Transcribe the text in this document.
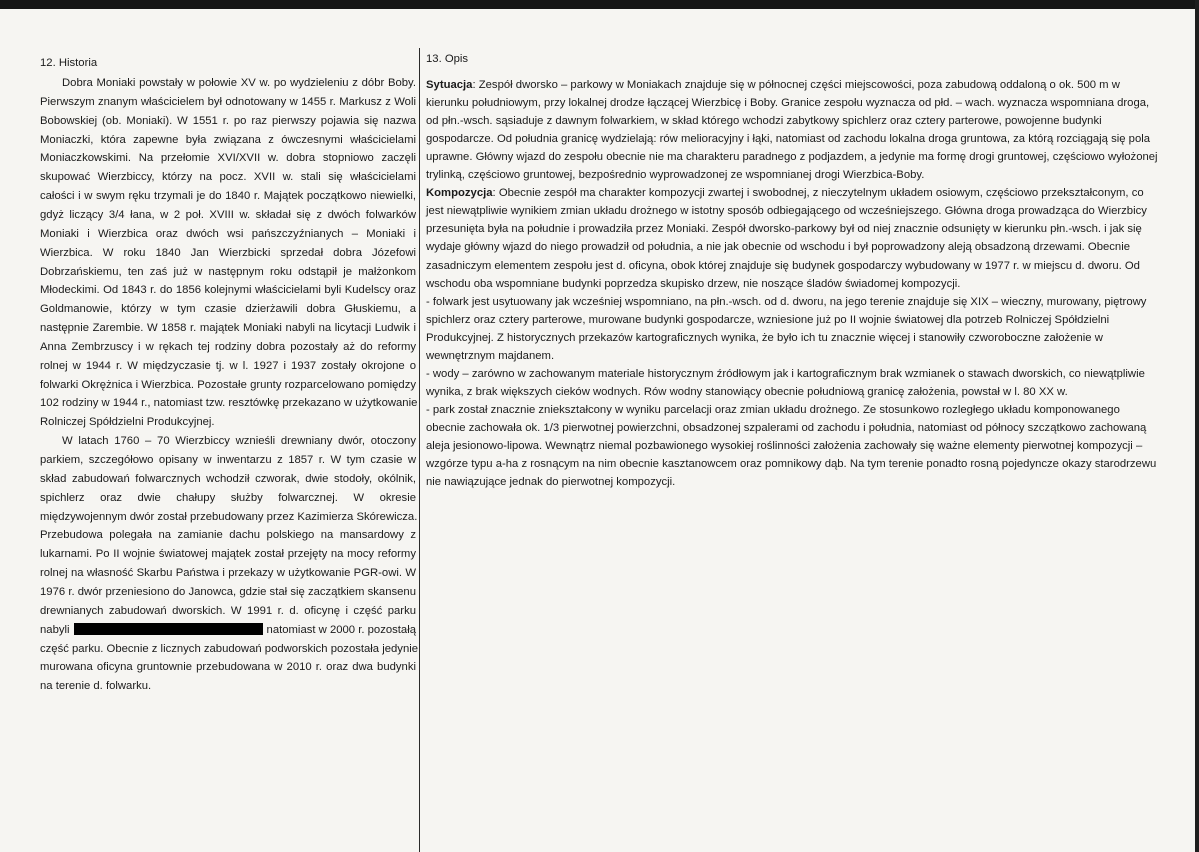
12. Historia
Dobra Moniaki powstały w połowie XV w. po wydzieleniu z dóbr Boby.
Pierwszym znanym właścicielem był odnotowany w 1455 r. Markusz z Woli
Bobowskiej (ob. Moniaki). W 1551 r. po raz pierwszy pojawia się nazwa
Moniaczki, która zapewne była związana z ówczesnymi właścicielami
Moniaczkowskimi. Na przełomie XVI/XVII w. dobra stopniowo zaczęli
skupować Wierzbiccy, którzy na pocz. XVII w. stali się właścicielami
całości i w swym ręku trzymali je do 1840 r. Majątek początkowo niewielki,
gdyż liczący 3/4 łana, w 2 poł. XVIII w. składał się z dwóch folwarków
Moniaki i Wierzbica oraz dwóch wsi pańszczyźnianych – Moniaki i
Wierzbica. W roku 1840 Jan Wierzbicki sprzedał dobra Józefowi
Dobrzańskiemu, ten zaś już w następnym roku odstąpił je małżonkom
Młodeckimi. Od 1843 r. do 1856 kolejnymi właścicielami byli Kudelscy oraz
Goldmanowie, którzy w tym czasie dzierżawili dobra Głuskiemu, a
następnie Zarembie. W 1858 r. majątek Moniaki nabyli na licytacji Ludwik i
Anna Zembrzuscy i w rękach tej rodziny dobra pozostały aż do reformy
rolnej w 1944 r. W międzyczasie tj. w l. 1927 i 1937 zostały okrojone o
folwarki Okrężnica i Wierzbica. Pozostałe grunty rozparcelowano pomiędzy
102 rodziny w 1944 r., natomiast tzw. resztówkę przekazano w użytkowanie
Rolniczej Spółdzielni Produkcyjnej.
W latach 1760 – 70 Wierzbiccy wznieśli drewniany dwór, otoczony
parkiem, szczegółowo opisany w inwentarzu z 1857 r. W tym czasie w
skład zabudowań folwarcznych wchodził czworak, dwie stodoły, okólnik,
spichlerz oraz dwie chałupy służby folwarcznej. W okresie
międzywojennym dwór został przebudowany przez Kazimierza Skórewicza.
Przebudowa polegała na zamianie dachu polskiego na mansardowy z
lukarnami. Po II wojnie światowej majątek został przejęty na mocy reformy
rolnej na własność Skarbu Państwa i przekazy w użytkowanie PGR-owi. W
1976 r. dwór przeniesiono do Janowca, gdzie stał się zaczątkiem skansenu
drewnianych zabudowań dworskich. W 1991 r. d. oficynę i część parku
nabyli	natomiast w 2000 r. pozostałą
część parku. Obecnie z licznych zabudowań podworskich pozostała jedynie
murowana oficyna gruntownie przebudowana w 2010 r. oraz dwa budynki
na terenie d. folwarku.
13. Opis
Sytuacja: Zespół dworsko – parkowy w Moniakach znajduje się w północnej części miejscowości, poza zabudową oddaloną o ok. 500 m w
kierunku południowym, przy lokalnej drodze łączącej Wierzbicę i Boby. Granice zespołu wyznacza od płd. – wach. wyznacza wspomniana droga,
od płn.-wsch. sąsiaduje z dawnym folwarkiem, w skład którego wchodzi zabytkowy spichlerz oraz cztery parterowe, powojenne budynki
gospodarcze. Od południa granicę wydzielają: rów melioracyjny i łąki, natomiast od zachodu lokalna droga gruntowa, za którą rozciągają się pola
uprawne. Główny wjazd do zespołu obecnie nie ma charakteru paradnego z podjazdem, a jedynie ma formę drogi gruntowej, częściowo wyłożonej
trylinką, częściowo gruntowej, bezpośrednio wyprowadzonej ze wspomnianej drogi Wierzbica-Boby.
Kompozycja: Obecnie zespół ma charakter kompozycji zwartej i swobodnej, z nieczytelnym układem osiowym, częściowo przekształconym, co
jest niewątpliwie wynikiem zmian układu drożnego w istotny sposób odbiegającego od wcześniejszego. Główna droga prowadząca do Wierzbicy
przesunięta była na południe i prowadziła przez Moniaki. Zespół dworsko-parkowy był od niej znacznie odsunięty w kierunku płn.-wsch. i jak się
wydaje główny wjazd do niego prowadził od południa, a nie jak obecnie od wschodu i był poprowadzony aleją obsadzoną drzewami. Obecnie
zasadniczym elementem zespołu jest d. oficyna, obok której znajduje się budynek gospodarczy wybudowany w 1977 r. w miejscu d. dworu. Od
wschodu oba wspomniane budynki poprzedza skupisko drzew, nie noszące śladów świadomej kompozycji.
- folwark jest usytuowany jak wcześniej wspomniano, na płn.-wsch. od d. dworu, na jego terenie znajduje się XIX – wieczny, murowany, piętrowy
spichlerz oraz cztery parterowe, murowane budynki gospodarcze, wzniesione już po II wojnie światowej dla potrzeb Rolniczej Spółdzielni
Produkcyjnej. Z historycznych przekazów kartograficznych wynika, że było ich tu znacznie więcej i stanowiły czworoboczne założenie w
wewnętrznym majdanem.
- wody – zarówno w zachowanym materiale historycznym źródłowym jak i kartograficznym brak wzmianek o stawach dworskich, co niewątpliwie
wynika, z brak większych cieków wodnych. Rów wodny stanowiący obecnie południową granicę założenia, powstał w l. 80 XX w.
- park został znacznie zniekształcony w wyniku parcelacji oraz zmian układu drożnego. Ze stosunkowo rozległego układu komponowanego
obecnie zachowała ok. 1/3 pierwotnej powierzchni, obsadzonej szpalerami od zachodu i południa, natomiast od północy szczątkowo zachowaną
aleja jesionowo-lipowa. Wewnątrz niemal pozbawionego wysokiej roślinności założenia zachowały się ważne elementy pierwotnej kompozycji –
wzgórze typu a-ha z rosnącym na nim obecnie kasztanowcem oraz pomnikowy dąb. Na tym terenie ponadto rosną pojedyncze okazy starodrzewu
nie nawiązujące jednak do pierwotnej kompozycji.
